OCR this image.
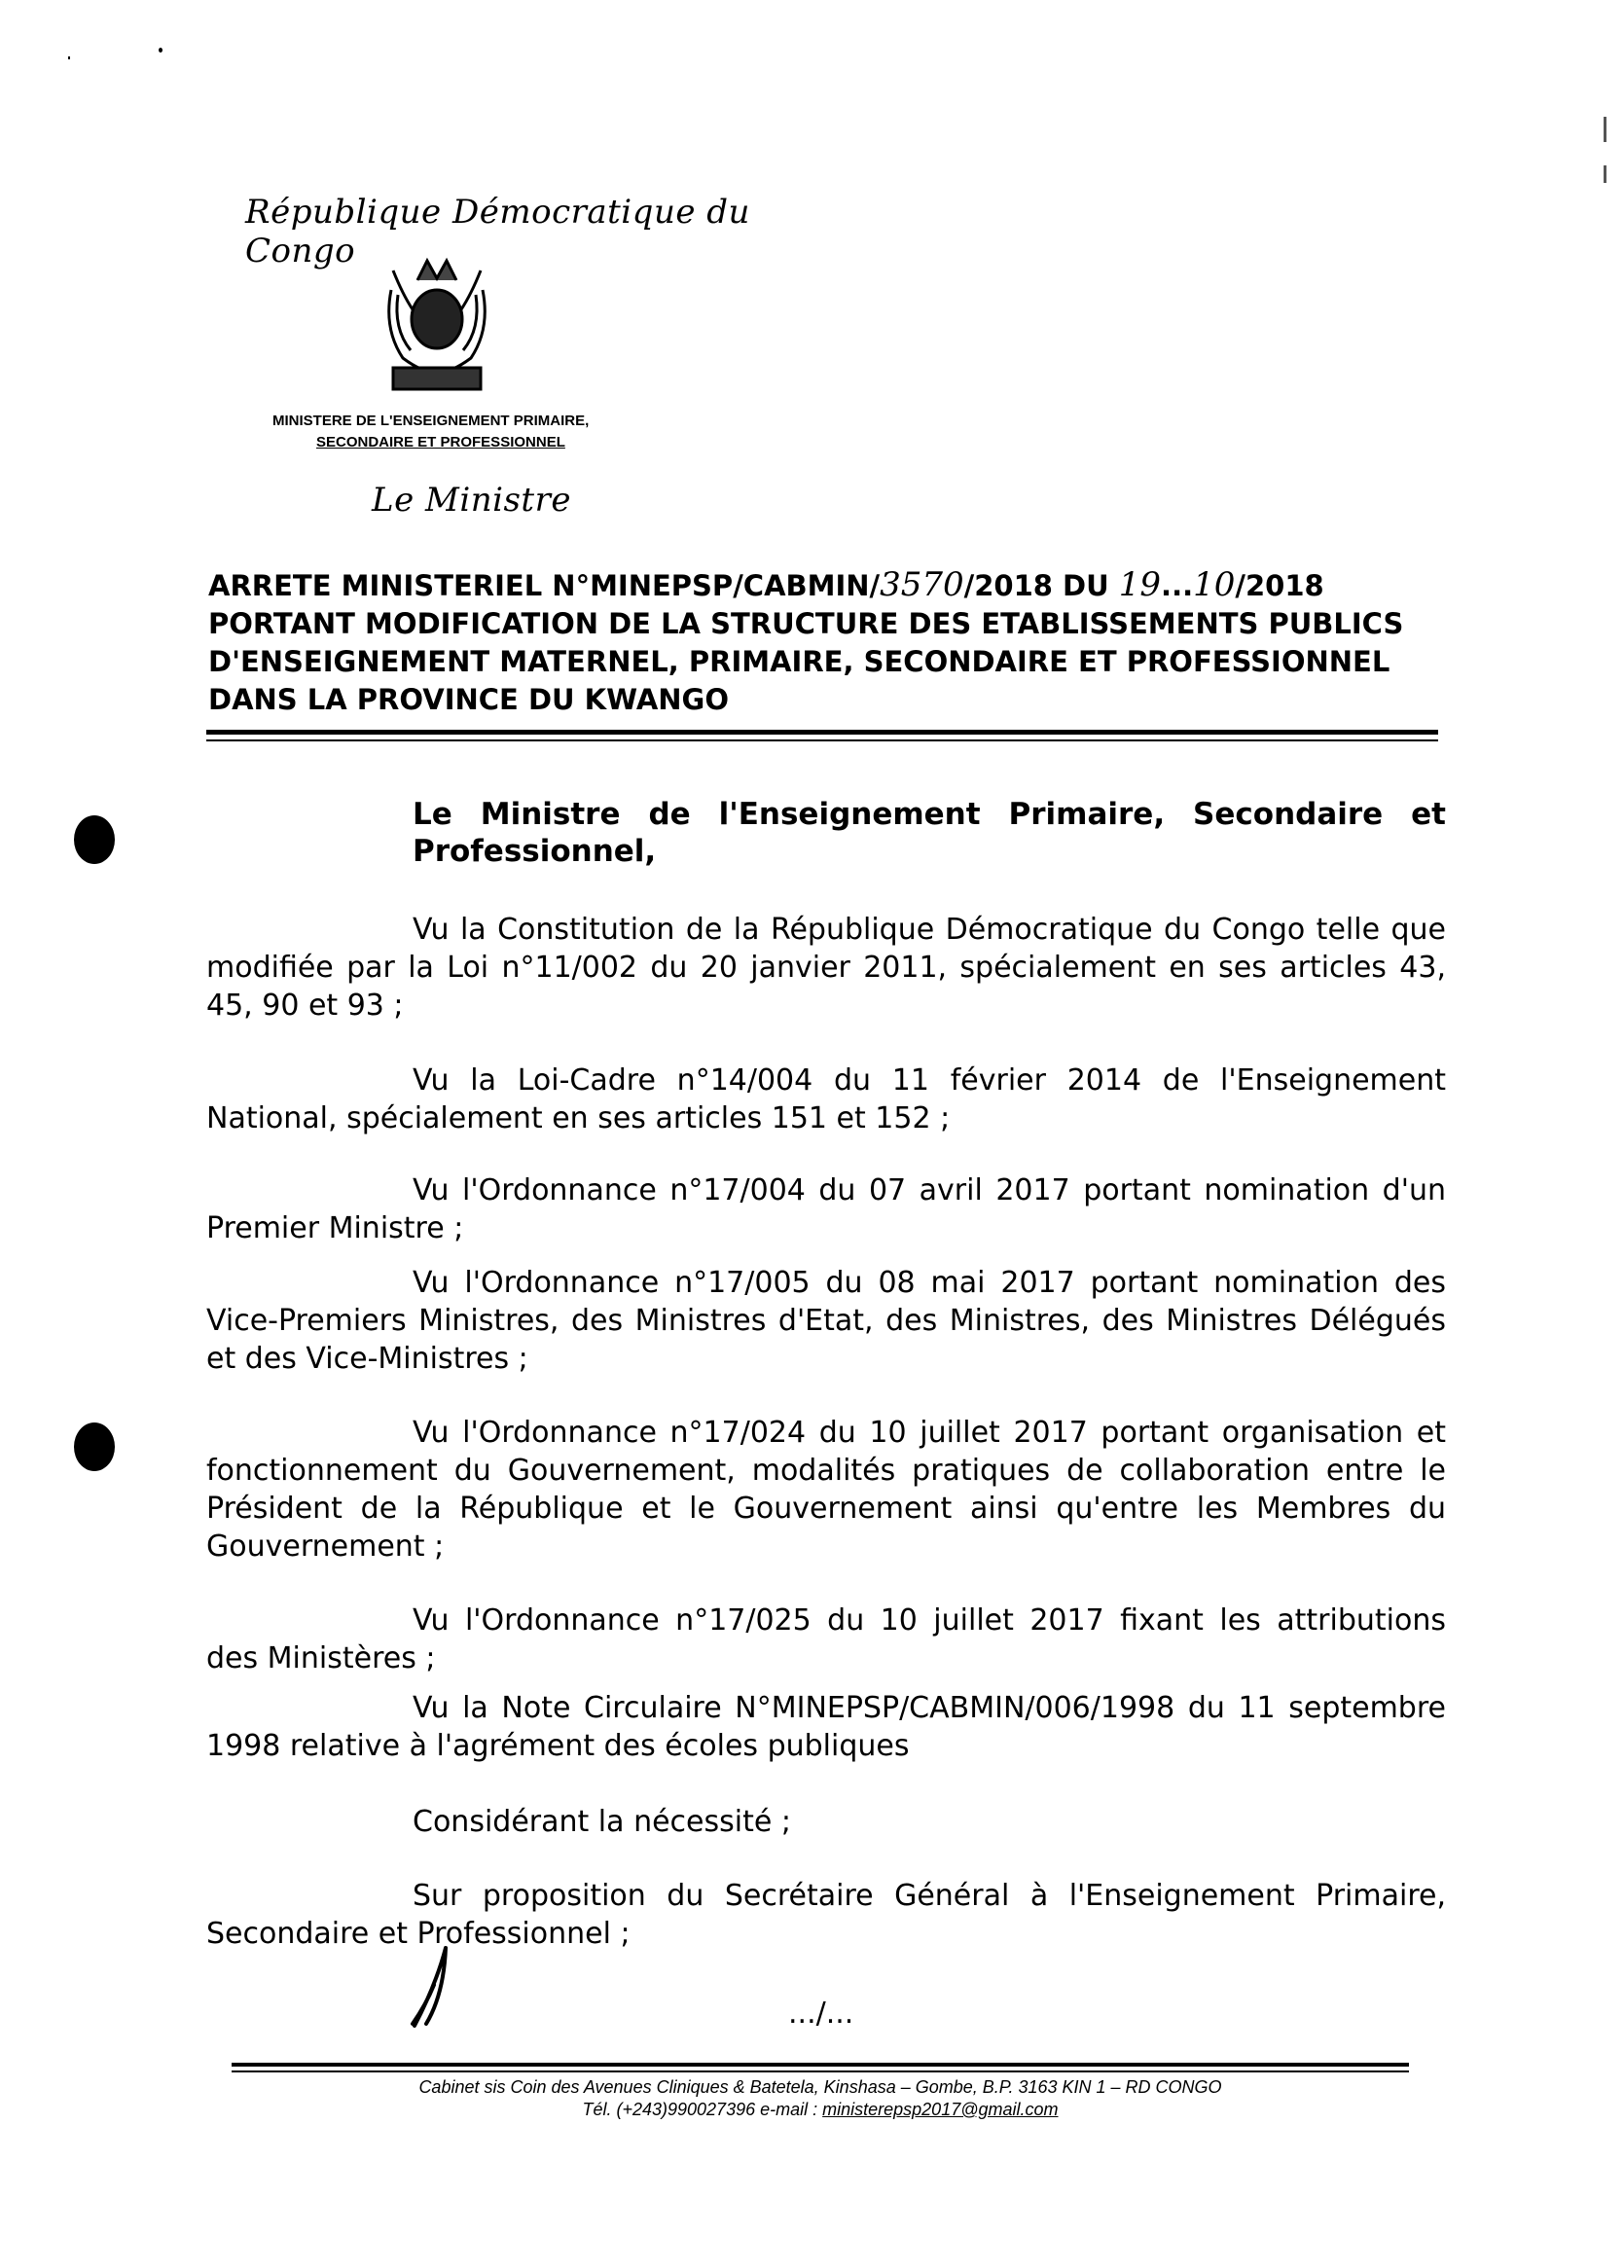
République Démocratique du Congo
MINISTERE DE L'ENSEIGNEMENT PRIMAIRE,
SECONDAIRE ET PROFESSIONNEL
Le Ministre
ARRETE MINISTERIEL N°MINEPSP/CABMIN/3570/2018 DU 19...10/2018
PORTANT MODIFICATION DE LA STRUCTURE DES ETABLISSEMENTS PUBLICS
D'ENSEIGNEMENT MATERNEL, PRIMAIRE, SECONDAIRE ET PROFESSIONNEL
DANS LA PROVINCE DU KWANGO
Le Ministre de l'Enseignement Primaire, Secondaire et Professionnel,
Vu la Constitution de la République Démocratique du Congo telle que modifiée par la Loi n°11/002 du 20 janvier 2011, spécialement en ses articles 43, 45, 90 et 93 ;
Vu la Loi-Cadre n°14/004 du 11 février 2014 de l'Enseignement National, spécialement en ses articles 151 et 152 ;
Vu l'Ordonnance n°17/004 du 07 avril 2017 portant nomination d'un Premier Ministre ;
Vu l'Ordonnance n°17/005 du 08 mai 2017 portant nomination des Vice-Premiers Ministres, des Ministres d'Etat, des Ministres, des Ministres Délégués et des Vice-Ministres ;
Vu l'Ordonnance n°17/024 du 10 juillet 2017 portant organisation et fonctionnement du Gouvernement, modalités pratiques de collaboration entre le Président de la République et le Gouvernement ainsi qu'entre les Membres du Gouvernement ;
Vu l'Ordonnance n°17/025 du 10 juillet 2017 fixant les attributions des Ministères ;
Vu la Note Circulaire N°MINEPSP/CABMIN/006/1998 du 11 septembre 1998 relative à l'agrément des écoles publiques
Considérant la nécessité ;
Sur proposition du Secrétaire Général à l'Enseignement Primaire, Secondaire et Professionnel ;
.../...
Cabinet sis Coin des Avenues Cliniques & Batetela, Kinshasa – Gombe, B.P. 3163 KIN 1 – RD CONGO
Tél. (+243)990027396 e-mail : ministerepsp2017@gmail.com
